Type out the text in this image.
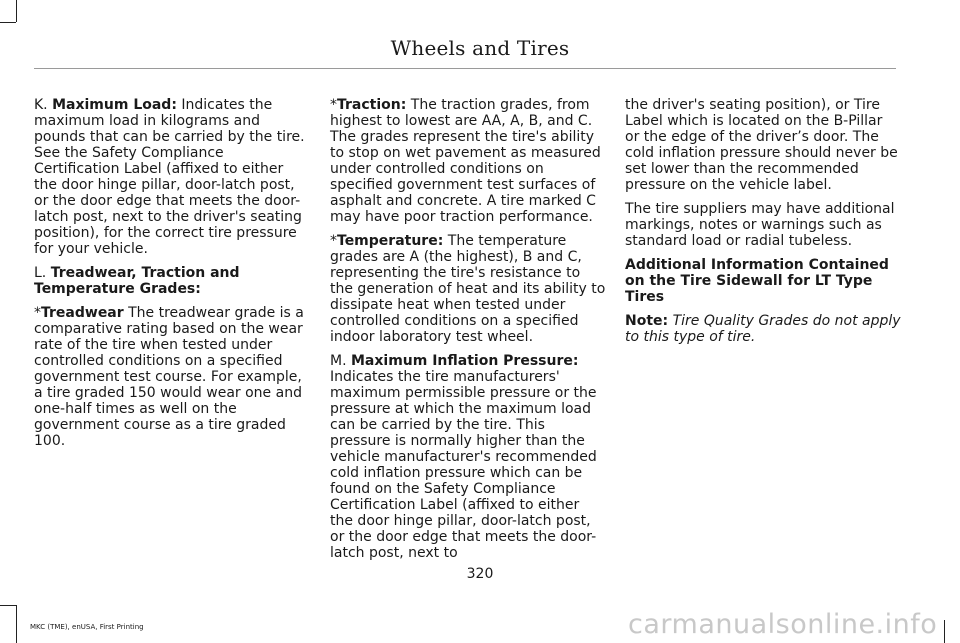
Wheels and Tires

K. Maximum Load: Indicates the maximum load in kilograms and pounds that can be carried by the tire. See the Safety Compliance Certification Label (affixed to either the door hinge pillar, door-latch post, or the door edge that meets the door-latch post, next to the driver's seating position), for the correct tire pressure for your vehicle.

L. Treadwear, Traction and Temperature Grades:

*Treadwear The treadwear grade is a comparative rating based on the wear rate of the tire when tested under controlled conditions on a specified government test course. For example, a tire graded 150 would wear one and one-half times as well on the government course as a tire graded 100.

*Traction: The traction grades, from highest to lowest are AA, A, B, and C. The grades represent the tire's ability to stop on wet pavement as measured under controlled conditions on specified government test surfaces of asphalt and concrete. A tire marked C may have poor traction performance.

*Temperature: The temperature grades are A (the highest), B and C, representing the tire's resistance to the generation of heat and its ability to dissipate heat when tested under controlled conditions on a specified indoor laboratory test wheel.

M. Maximum Inflation Pressure: Indicates the tire manufacturers' maximum permissible pressure or the pressure at which the maximum load can be carried by the tire. This pressure is normally higher than the vehicle manufacturer's recommended cold inflation pressure which can be found on the Safety Compliance Certification Label (affixed to either the door hinge pillar, door-latch post, or the door edge that meets the door-latch post, next to

the driver's seating position), or Tire Label which is located on the B-Pillar or the edge of the driver’s door. The cold inflation pressure should never be set lower than the recommended pressure on the vehicle label.

The tire suppliers may have additional markings, notes or warnings such as standard load or radial tubeless.

Additional Information Contained on the Tire Sidewall for LT Type Tires

Note: Tire Quality Grades do not apply to this type of tire.

320
MKC (TME), enUSA, First Printing	carmanualsonline.info
